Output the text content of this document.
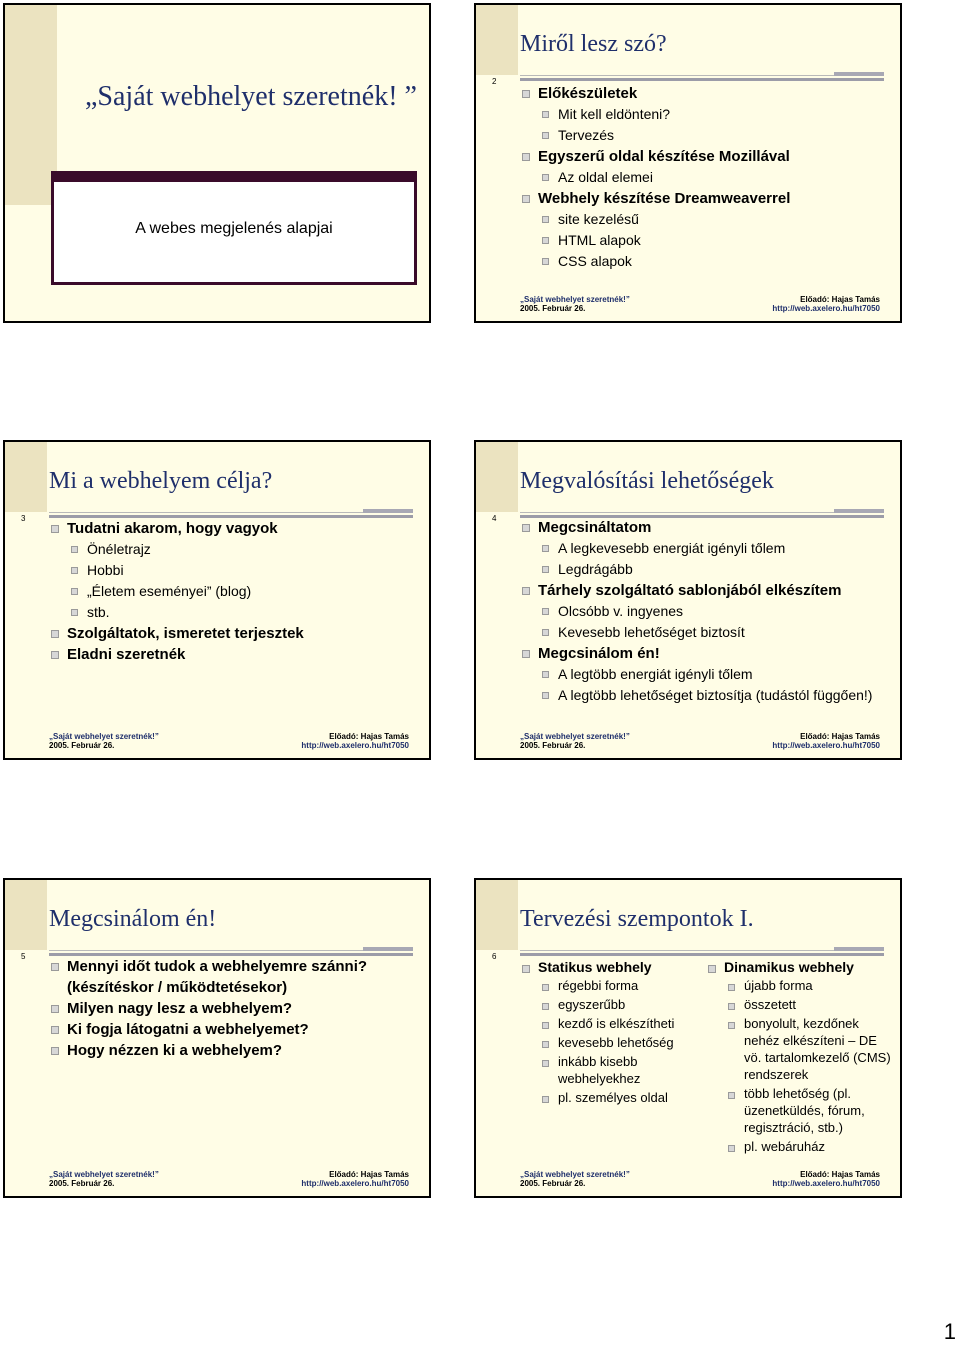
„Saját webhelyet szeretnék! ”
A webes megjelenés alapjai
2
Miről lesz szó?
Előkészületek
Mit kell eldönteni?
Tervezés
Egyszerű oldal készítése Mozillával
Az oldal elemei
Webhely készítése Dreamweaverrel
site kezelésű
HTML alapok
CSS alapok
„Saját webhelyet szeretnék!”
2005. Február 26.
Előadó: Hajas Tamás
http://web.axelero.hu/ht7050
3
Mi a webhelyem célja?
Tudatni akarom, hogy vagyok
Önéletrajz
Hobbi
„Életem eseményei” (blog)
stb.
Szolgáltatok, ismeretet terjesztek
Eladni szeretnék
„Saját webhelyet szeretnék!”
2005. Február 26.
Előadó: Hajas Tamás
http://web.axelero.hu/ht7050
4
Megvalósítási lehetőségek
Megcsináltatom
A legkevesebb energiát igényli tőlem
Legdrágább
Tárhely szolgáltató sablonjából elkészítem
Olcsóbb v. ingyenes
Kevesebb lehetőséget biztosít
Megcsinálom én!
A legtöbb energiát igényli tőlem
A legtöbb lehetőséget biztosítja (tudástól függően!)
„Saját webhelyet szeretnék!”
2005. Február 26.
Előadó: Hajas Tamás
http://web.axelero.hu/ht7050
5
Megcsinálom én!
Mennyi időt tudok a webhelyemre szánni? (készítéskor / működtetésekor)
Milyen nagy lesz a webhelyem?
Ki fogja látogatni a webhelyemet?
Hogy nézzen ki a webhelyem?
„Saját webhelyet szeretnék!”
2005. Február 26.
Előadó: Hajas Tamás
http://web.axelero.hu/ht7050
6
Tervezési szempontok I.
Statikus webhely
régebbi forma
egyszerűbb
kezdő is elkészítheti
kevesebb lehetőség
inkább kisebb webhelyekhez
pl. személyes oldal
Dinamikus webhely
újabb forma
összetett
bonyolult, kezdőnek nehéz elkészíteni – DE vö. tartalomkezelő (CMS) rendszerek
több lehetőség (pl. üzenetküldés, fórum, regisztráció, stb.)
pl. webáruház
„Saját webhelyet szeretnék!”
2005. Február 26.
Előadó: Hajas Tamás
http://web.axelero.hu/ht7050
1
